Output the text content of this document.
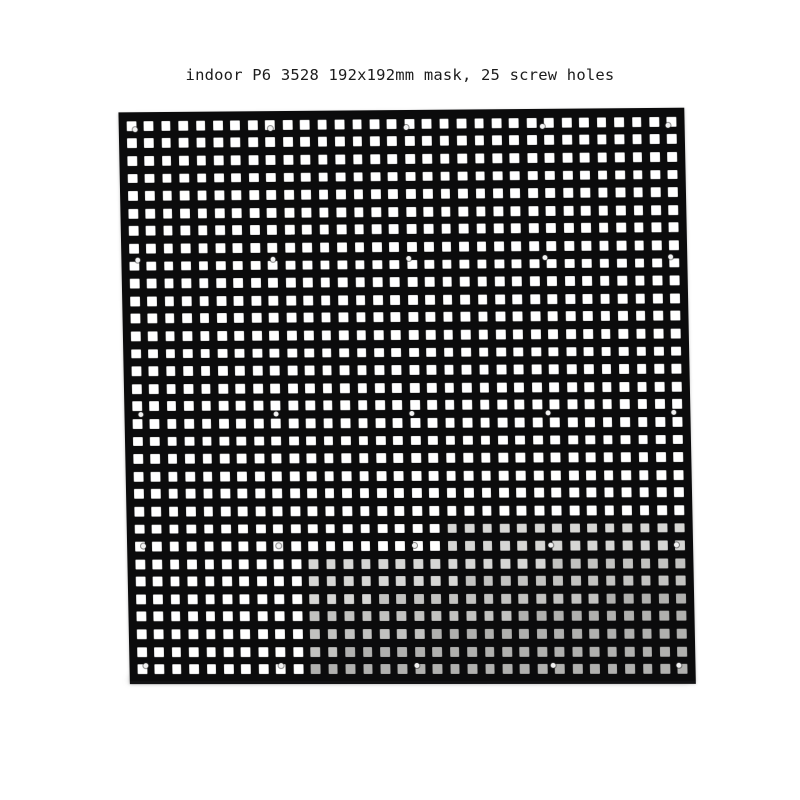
indoor P6 3528 192x192mm mask, 25 screw holes
